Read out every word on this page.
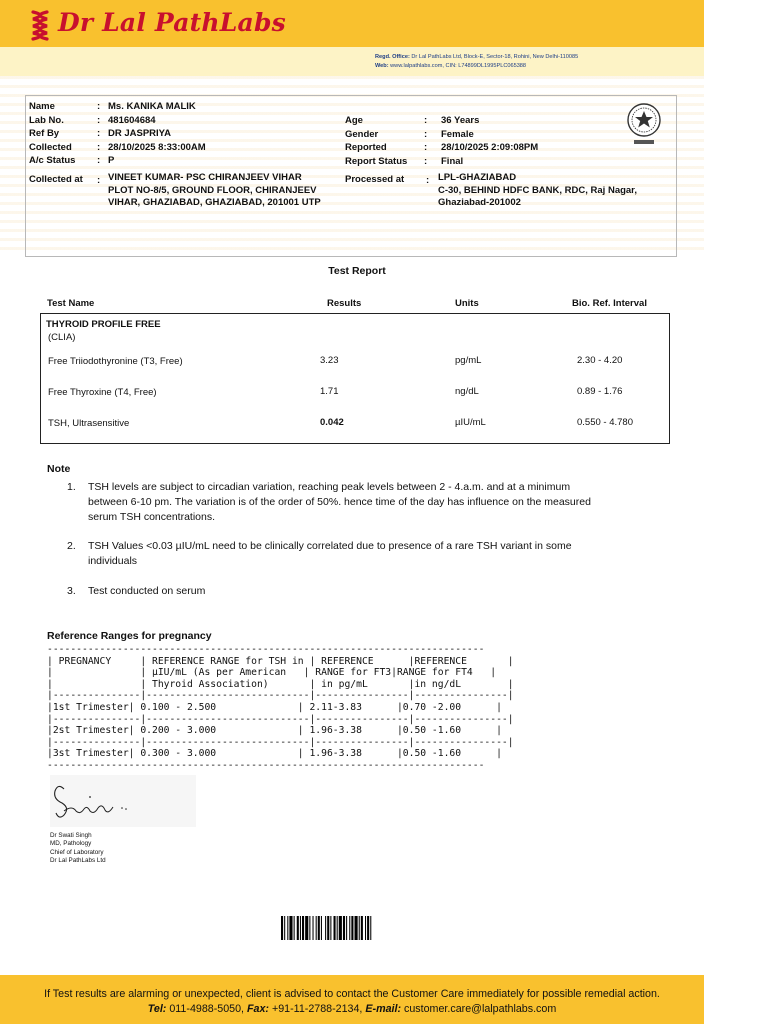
Dr Lal PathLabs
Regd. Office: Dr Lal PathLabs Ltd, Block-E, Sector-18, Rohini, New Delhi-110085
Web: www.lalpathlabs.com, CIN: L74899DL1995PLC065388
Name	: Ms. KANIKA MALIK
Lab No.	: 481604684
Ref By	: DR JASPRIYA
Collected	: 28/10/2025 8:33:00AM
A/c Status : P
Age	: 36 Years
Gender	: Female
Reported	: 28/10/2025 2:09:08PM
Report Status : Final
Collected at : VINEET KUMAR- PSC CHIRANJEEV VIHAR
PLOT NO-8/5, GROUND FLOOR, CHIRANJEEV
VIHAR, GHAZIABAD, GHAZIABAD, 201001 UTP
Processed at : LPL-GHAZIABAD
C-30, BEHIND HDFC BANK, RDC, Raj Nagar,
Ghaziabad-201002
Test Report
Test Name	Results	Units	Bio. Ref. Interval
THYROID PROFILE FREE
(CLIA)
Free Triiodothyronine (T3, Free)	3.23	pg/mL	2.30 - 4.20
Free Thyroxine (T4, Free)	1.71	ng/dL	0.89 - 1.76
TSH, Ultrasensitive	0.042	µIU/mL	0.550 - 4.780
Note
1. TSH levels are subject to circadian variation, reaching peak levels between 2 - 4.a.m. and at a minimum between 6-10 pm. The variation is of the order of 50%. hence time of the day has influence on the measured serum TSH concentrations.
2. TSH Values <0.03 µIU/mL need to be clinically correlated due to presence of a rare TSH variant in some individuals
3. Test conducted on serum
Reference Ranges for pregnancy
---------------------------------------------------------------------------
| PREGNANCY     | REFERENCE RANGE for TSH in | REFERENCE      |REFERENCE       |
|               | µIU/mL (As per American   | RANGE for FT3|RANGE for FT4   |
|               | Thyroid Association)       | in pg/mL       |in ng/dL        |
|---------------|----------------------------|----------------|----------------|
|1st Trimester| 0.100 - 2.500              | 2.11-3.83      |0.70 -2.00      |
|---------------|----------------------------|----------------|----------------|
|2st Trimester| 0.200 - 3.000              | 1.96-3.38      |0.50 -1.60      |
|---------------|----------------------------|----------------|----------------|
|3st Trimester| 0.300 - 3.000              | 1.96-3.38      |0.50 -1.60      |
---------------------------------------------------------------------------
Dr Swati Singh
MD, Pathology
Chief of Laboratory
Dr Lal PathLabs Ltd
If Test results are alarming or unexpected, client is advised to contact the Customer Care immediately for possible remedial action.
Tel: 011-4988-5050, Fax: +91-11-2788-2134, E-mail: customer.care@lalpathlabs.com
